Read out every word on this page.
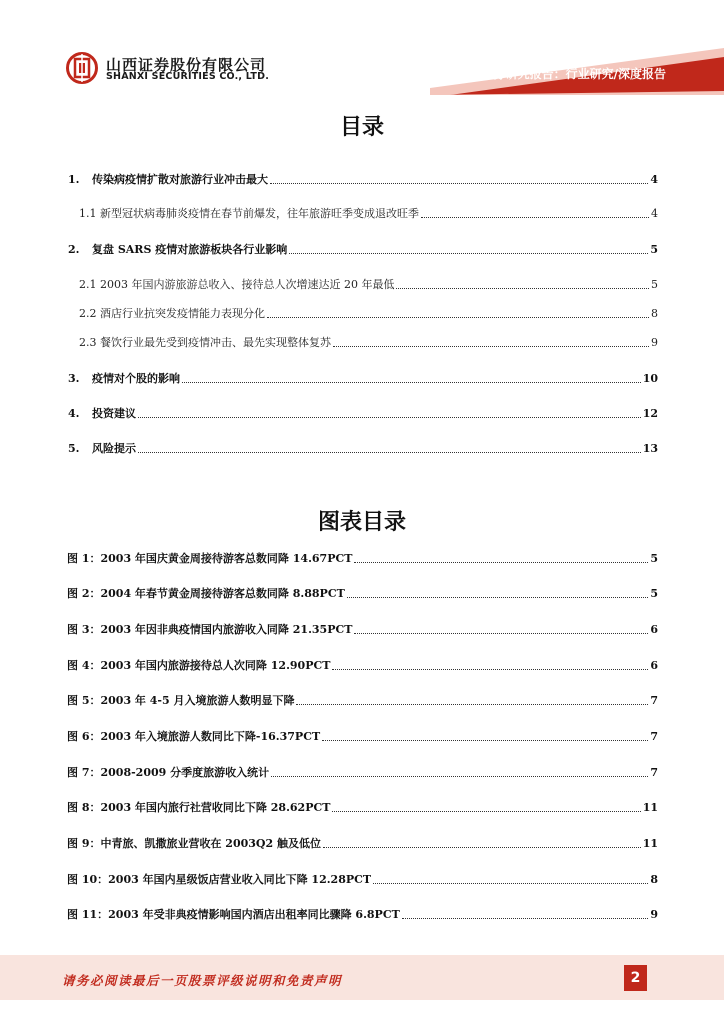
山西证券股份有限公司
SHANXI SECURITIES CO., LTD.	证券研究报告：行业研究/深度报告
目录
1. 传染病疫情扩散对旅游行业冲击最大	4
1.1 新型冠状病毒肺炎疫情在春节前爆发，往年旅游旺季变成退改旺季	4
2. 复盘 SARS 疫情对旅游板块各行业影响	5
2.1 2003 年国内游旅游总收入、接待总人次增速达近 20 年最低	5
2.2 酒店行业抗突发疫情能力表现分化	8
2.3 餐饮行业最先受到疫情冲击、最先实现整体复苏	9
3. 疫情对个股的影响	10
4. 投资建议	12
5. 风险提示	13
图表目录
图 1：2003 年国庆黄金周接待游客总数同降 14.67PCT	5
图 2：2004 年春节黄金周接待游客总数同降 8.88PCT	5
图 3：2003 年因非典疫情国内旅游收入同降 21.35PCT	6
图 4：2003 年国内旅游接待总人次同降 12.90PCT	6
图 5：2003 年 4-5 月入境旅游人数明显下降	7
图 6：2003 年入境旅游人数同比下降-16.37PCT	7
图 7：2008-2009 分季度旅游收入统计	7
图 8：2003 年国内旅行社营收同比下降 28.62PCT	11
图 9：中青旅、凯撒旅业营收在 2003Q2 触及低位	11
图 10：2003 年国内星级饭店营业收入同比下降 12.28PCT	8
图 11：2003 年受非典疫情影响国内酒店出租率同比骤降 6.8PCT	9
请务必阅读最后一页股票评级说明和免责声明	2
